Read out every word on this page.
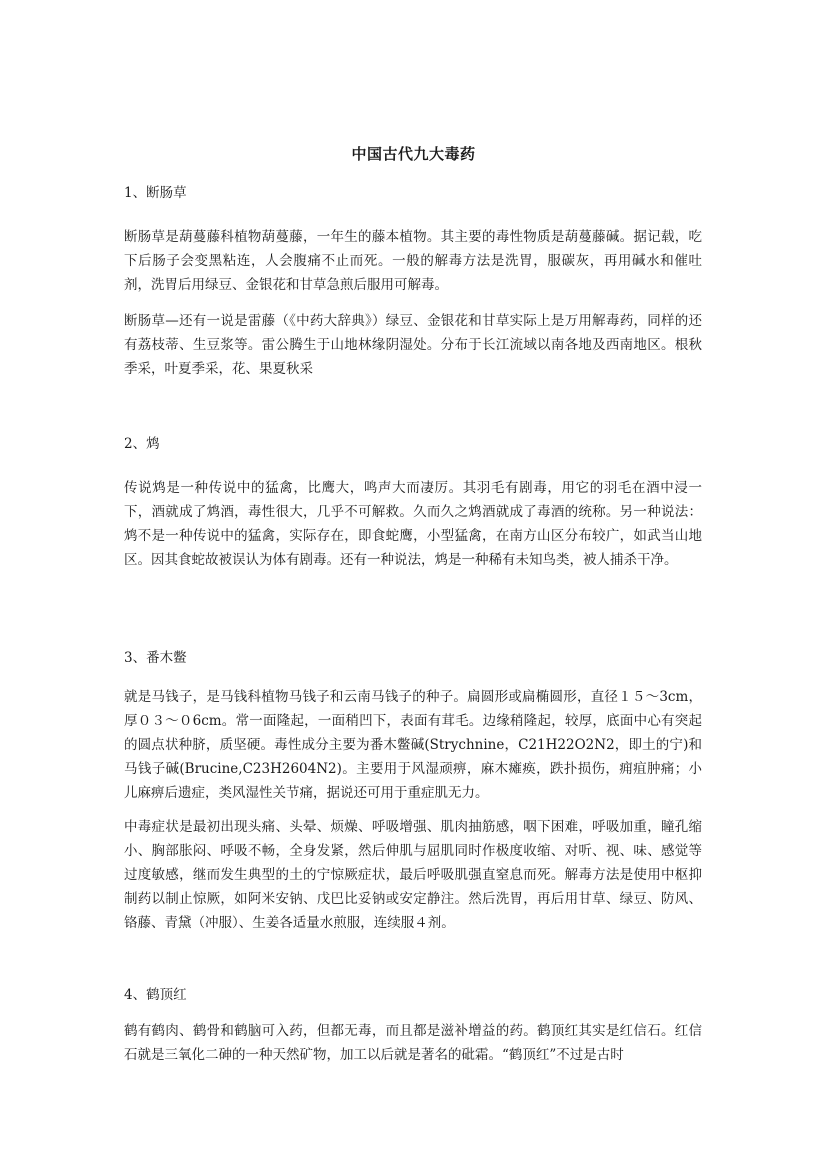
中国古代九大毒药
1、断肠草
断肠草是葫蔓藤科植物葫蔓藤，一年生的藤本植物。其主要的毒性物质是葫蔓藤碱。据记载，吃下后肠子会变黑粘连，人会腹痛不止而死。一般的解毒方法是洗胃，服碳灰，再用碱水和催吐剂，洗胃后用绿豆、金银花和甘草急煎后服用可解毒。
断肠草—还有一说是雷藤（《中药大辞典》）绿豆、金银花和甘草实际上是万用解毒药，同样的还有荔枝蒂、生豆浆等。雷公腾生于山地林缘阴湿处。分布于长江流域以南各地及西南地区。根秋季采，叶夏季采，花、果夏秋采
2、鸩
传说鸩是一种传说中的猛禽，比鹰大，鸣声大而凄厉。其羽毛有剧毒，用它的羽毛在酒中浸一下，酒就成了鸩酒，毒性很大，几乎不可解救。久而久之鸩酒就成了毒酒的统称。另一种说法：鸩不是一种传说中的猛禽，实际存在，即食蛇鹰，小型猛禽，在南方山区分布较广，如武当山地区。因其食蛇故被误认为体有剧毒。还有一种说法，鸩是一种稀有未知鸟类，被人捕杀干净。
3、番木鳖
就是马钱子，是马钱科植物马钱子和云南马钱子的种子。扁圆形或扁椭圆形，直径１５～3cm，厚０３～０6cm。常一面隆起，一面稍凹下，表面有茸毛。边缘稍隆起，较厚，底面中心有突起的圆点状种脐，质坚硬。毒性成分主要为番木鳖碱(Strychnine，C21H22O2N2，即土的宁)和马钱子碱(Brucine,C23H2604N2)。主要用于风湿顽痹，麻木瘫痪，跌扑损伤，痈疽肿痛；小儿麻痹后遗症，类风湿性关节痛，据说还可用于重症肌无力。
中毒症状是最初出现头痛、头晕、烦燥、呼吸增强、肌肉抽筋感，咽下困难，呼吸加重，瞳孔缩小、胸部胀闷、呼吸不畅，全身发紧，然后伸肌与屈肌同时作极度收缩、对听、视、味、感觉等过度敏感，继而发生典型的土的宁惊厥症状，最后呼吸肌强直窒息而死。解毒方法是使用中枢抑制药以制止惊厥，如阿米安钠、戊巴比妥钠或安定静注。然后洗胃，再后用甘草、绿豆、防风、铬藤、青黛（冲服）、生姜各适量水煎服，连续服４剂。
4、鹤顶红
鹤有鹤肉、鹤骨和鹤脑可入药，但都无毒，而且都是滋补增益的药。鹤顶红其实是红信石。红信石就是三氧化二砷的一种天然矿物，加工以后就是著名的砒霜。“鹤顶红”不过是古时
